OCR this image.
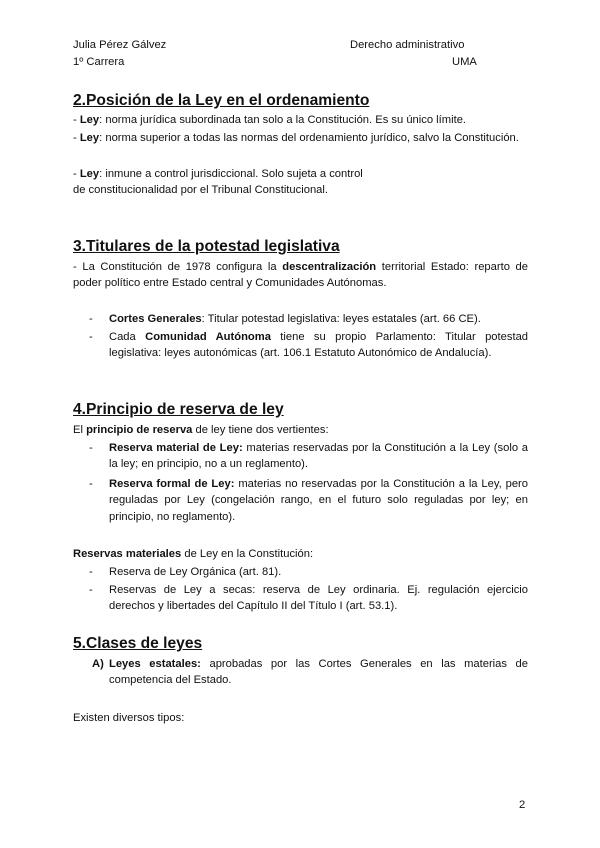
Julia Pérez Gálvez
1º Carrera
Derecho administrativo
UMA
2.Posición de la Ley en el ordenamiento

- Ley: norma jurídica subordinada tan solo a la Constitución. Es su único límite.

- Ley: norma superior a todas las normas del ordenamiento jurídico, salvo la Constitución.

- Ley: inmune a control jurisdiccional. Solo sujeta a control de constitucionalidad por el Tribunal Constitucional.

3.Titulares de la potestad legislativa

- La Constitución de 1978 configura la descentralización territorial Estado: reparto de poder político entre Estado central y Comunidades Autónomas.

- Cortes Generales: Titular potestad legislativa: leyes estatales (art. 66 CE).
- Cada Comunidad Autónoma tiene su propio Parlamento: Titular potestad legislativa: leyes autonómicas (art. 106.1 Estatuto Autonómico de Andalucía).
4.Principio de reserva de ley

El principio de reserva de ley tiene dos vertientes:

- Reserva material de Ley: materias reservadas por la Constitución a la Ley (solo a la ley; en principio, no a un reglamento).
- Reserva formal de Ley: materias no reservadas por la Constitución a la Ley, pero reguladas por Ley (congelación rango, en el futuro solo reguladas por ley; en principio, no reglamento).

Reservas materiales de Ley en la Constitución:

- Reserva de Ley Orgánica (art. 81).
- Reservas de Ley a secas: reserva de Ley ordinaria. Ej. regulación ejercicio derechos y libertades del Capítulo II del Título I (art. 53.1).
5.Clases de leyes
A) Leyes estatales: aprobadas por las Cortes Generales en las materias de competencia del Estado.

Existen diversos tipos:

2
